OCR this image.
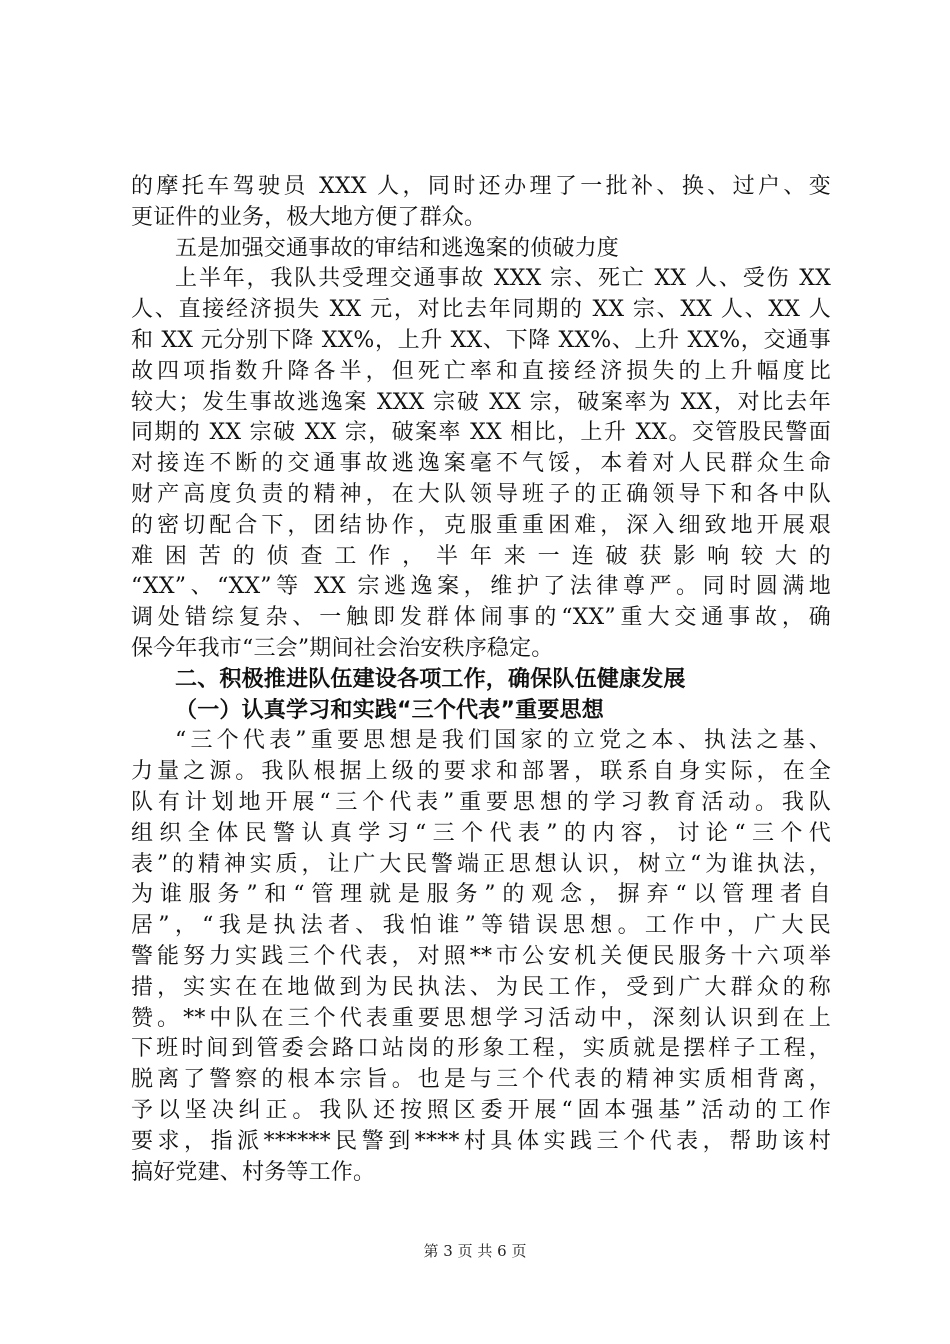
的摩托车驾驶员 XXX 人，同时还办理了一批补、换、过户、变
更证件的业务，极大地方便了群众。
五是加强交通事故的审结和逃逸案的侦破力度
上半年，我队共受理交通事故 XXX 宗、死亡 XX 人、受伤 XX
人、直接经济损失 XX 元，对比去年同期的 XX 宗、XX 人、XX 人
和 XX 元分别下降 XX%，上升 XX、下降 XX%、上升 XX%，交通事
故四项指数升降各半，但死亡率和直接经济损失的上升幅度比
较大；发生事故逃逸案 XXX 宗破 XX 宗，破案率为 XX，对比去年
同期的 XX 宗破 XX 宗，破案率 XX 相比，上升 XX。交管股民警面
对接连不断的交通事故逃逸案毫不气馁，本着对人民群众生命
财产高度负责的精神，在大队领导班子的正确领导下和各中队
的密切配合下，团结协作，克服重重困难，深入细致地开展艰
难困苦的侦查工作，半年来一连破获影响较大的
“XX”、“XX”等 XX 宗逃逸案，维护了法律尊严。同时圆满地
调处错综复杂、一触即发群体闹事的“XX”重大交通事故，确
保今年我市“三会”期间社会治安秩序稳定。
二、积极推进队伍建设各项工作，确保队伍健康发展
（一）认真学习和实践“三个代表”重要思想
“三个代表”重要思想是我们国家的立党之本、执法之基、
力量之源。我队根据上级的要求和部署，联系自身实际，在全
队有计划地开展“三个代表”重要思想的学习教育活动。我队
组织全体民警认真学习“三个代表”的内容，讨论“三个代
表”的精神实质，让广大民警端正思想认识，树立“为谁执法，
为谁服务”和“管理就是服务”的观念，摒弃“以管理者自
居”，“我是执法者、我怕谁”等错误思想。工作中，广大民
警能努力实践三个代表，对照**市公安机关便民服务十六项举
措，实实在在地做到为民执法、为民工作，受到广大群众的称
赞。**中队在三个代表重要思想学习活动中，深刻认识到在上
下班时间到管委会路口站岗的形象工程，实质就是摆样子工程，
脱离了警察的根本宗旨。也是与三个代表的精神实质相背离，
予以坚决纠正。我队还按照区委开展“固本强基”活动的工作
要求，指派******民警到****村具体实践三个代表，帮助该村
搞好党建、村务等工作。
第 3 页 共 6 页
